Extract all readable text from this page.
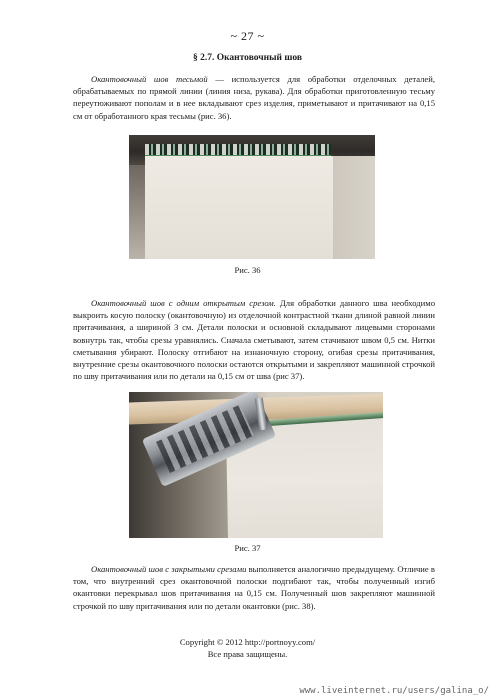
~ 27 ~
§ 2.7. Окантовочный шов

Окантовочный шов тесьмой — используется для обработки отделочных деталей, обрабатываемых по прямой линии (линия низа, рукава). Для обработки приготовленную тесьму переутюживают пополам и в нее вкладывают срез изделия, приметывают и притачивают на 0,15 см от обработанного края тесьмы (рис. 36).

Рис. 36

Окантовочный шов с одним открытым срезом. Для обработки данного шва необходимо выкроить косую полоску (окантовочную) из отделочной контрастной ткани длиной равной линии притачивания, а шириной 3 см. Детали полоски и основной складывают лицевыми сторонами вовнутрь так, чтобы срезы уравнялись. Сначала сметывают, затем стачивают швом 0,5 см. Нитки сметывания убирают. Полоску отгибают на изнаночную сторону, огибая срезы притачивания, внутренние срезы окантовочного полоски остаются открытыми и закрепляют машинной строчкой по шву притачивания или по детали на 0,15 см от шва (рис 37).

Рис. 37

Окантовочный шов с закрытыми срезами выполняется аналогично предыдущему. Отличие в том, что внутренний срез окантовочной полоски подгибают так, чтобы полученный изгиб окантовки перекрывал шов притачивания на 0,15 см. Полученный шов закрепляют машинной строчкой по шву притачивания или по детали окантовки (рис. 38).

Copyright © 2012 http://portnoyy.com/
Все права защищены.
www.liveinternet.ru/users/galina_o/
